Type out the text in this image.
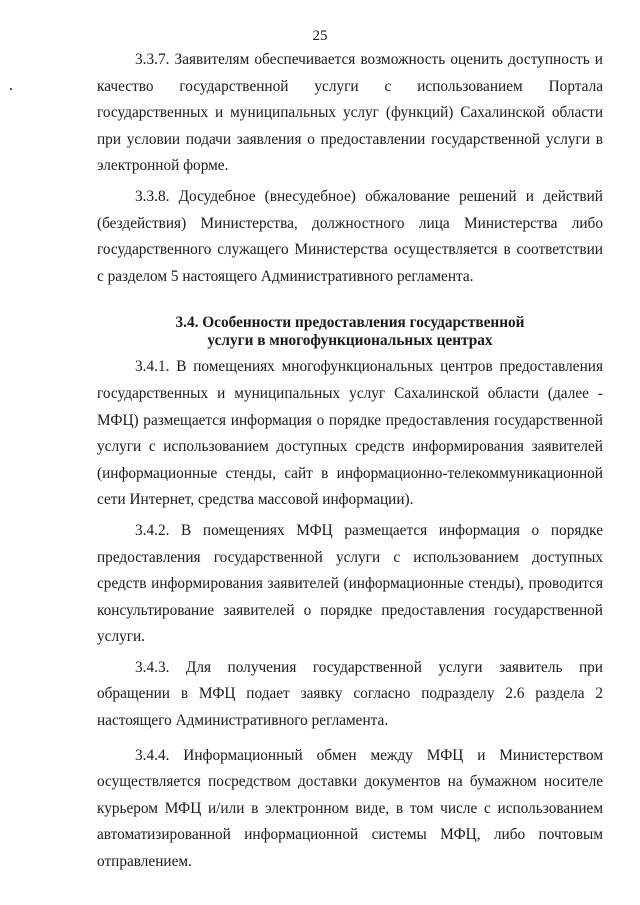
25

3.3.7. Заявителям обеспечивается возможность оценить доступность и качество государственной услуги с использованием Портала государственных и муниципальных услуг (функций) Сахалинской области при условии подачи заявления о предоставлении государственной услуги в электронной форме.

3.3.8. Досудебное (внесудебное) обжалование решений и действий (бездействия) Министерства, должностного лица Министерства либо государственного служащего Министерства осуществляется в соответствии с разделом 5 настоящего Административного регламента.

3.4. Особенности предоставления государственной
услуги в многофункциональных центрах

3.4.1. В помещениях многофункциональных центров предоставления государственных и муниципальных услуг Сахалинской области (далее - МФЦ) размещается информация о порядке предоставления государственной услуги с использованием доступных средств информирования заявителей (информационные стенды, сайт в информационно-телекоммуникационной сети Интернет, средства массовой информации).

3.4.2. В помещениях МФЦ размещается информация о порядке предоставления государственной услуги с использованием доступных средств информирования заявителей (информационные стенды), проводится консультирование заявителей о порядке предоставления государственной услуги.

3.4.3. Для получения государственной услуги заявитель при обращении в МФЦ подает заявку согласно подразделу 2.6 раздела 2 настоящего Административного регламента.

3.4.4. Информационный обмен между МФЦ и Министерством осуществляется посредством доставки документов на бумажном носителе курьером МФЦ и/или в электронном виде, в том числе с использованием автоматизированной информационной системы МФЦ, либо почтовым отправлением.
